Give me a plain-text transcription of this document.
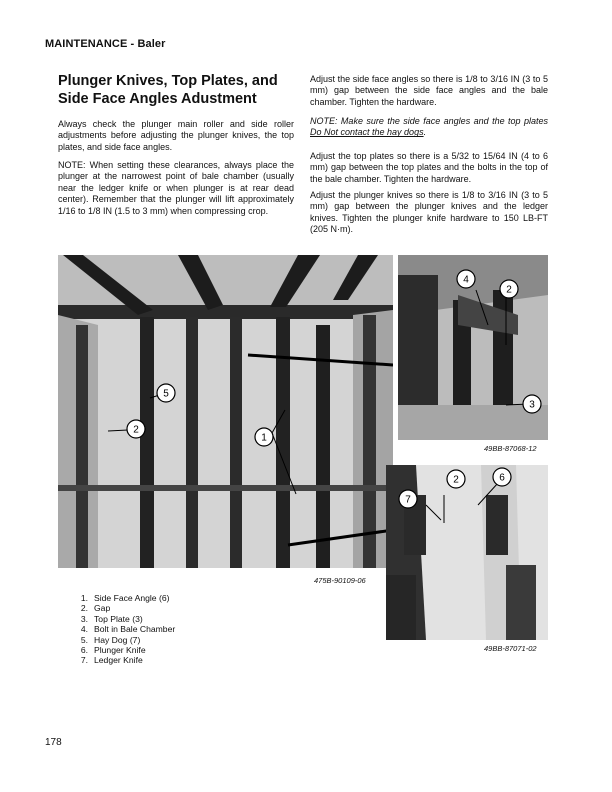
MAINTENANCE - Baler
Plunger Knives, Top Plates, and Side Face Angles Adustment
Always check the plunger main roller and side roller adjustments before adjusting the plunger knives, the top plates, and side face angles.
NOTE: When setting these clearances, always place the plunger at the narrowest point of bale chamber (usually near the ledger knife or when plunger is at rear dead center). Remember that the plunger will lift approximately 1/16 to 1/8 IN (1.5 to 3 mm) when compressing crop.
Adjust the side face angles so there is 1/8 to 3/16 IN (3 to 5 mm) gap between the side face angles and the bale chamber. Tighten the hardware.
NOTE: Make sure the side face angles and the top plates Do Not contact the hay dogs.
Adjust the top plates so there is a 5/32 to 15/64 IN (4 to 6 mm) gap between the top plates and the bolts in the top of the bale chamber. Tighten the hardware.
Adjust the plunger knives so there is 1/8 to 3/16 IN (3 to 5 mm) gap between the plunger knives and the ledger knives. Tighten the plunger knife hardware to 150 LB-FT (205 N·m).
5
2
1
475B-90109-06
4
2
3
49BB-87068-12
2	6
7
49BB-87071-02
1. Side Face Angle (6)
2. Gap
3. Top Plate (3)
4. Bolt in Bale Chamber
5. Hay Dog (7)
6. Plunger Knife
7. Ledger Knife
178
